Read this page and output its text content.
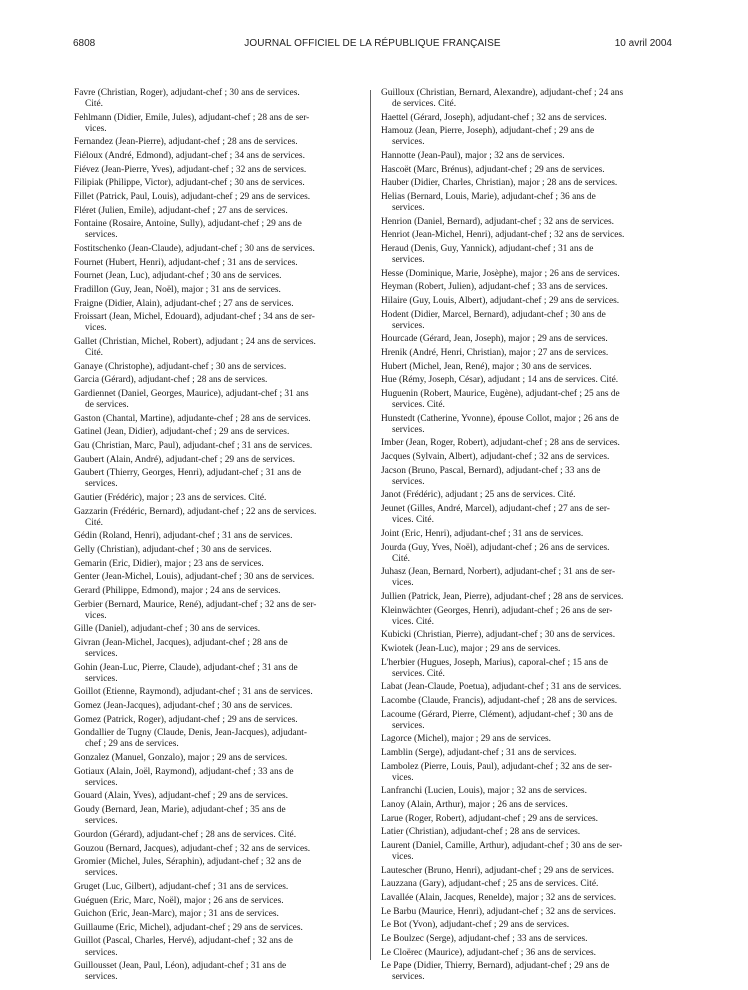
6808	JOURNAL OFFICIEL DE LA RÉPUBLIQUE FRANÇAISE	10 avril 2004
Favre (Christian, Roger), adjudant-chef ; 30 ans de services.
Cité.
Fehlmann (Didier, Emile, Jules), adjudant-chef ; 28 ans de ser-
vices.
Fernandez (Jean-Pierre), adjudant-chef ; 28 ans de services.
Fiéloux (André, Edmond), adjudant-chef ; 34 ans de services.
Fiévez (Jean-Pierre, Yves), adjudant-chef ; 32 ans de services.
Filipiak (Philippe, Victor), adjudant-chef ; 30 ans de services.
Fillet (Patrick, Paul, Louis), adjudant-chef ; 29 ans de services.
Fléret (Julien, Emile), adjudant-chef ; 27 ans de services.
Fontaine (Rosaire, Antoine, Sully), adjudant-chef ; 29 ans de
services.
Fostitschenko (Jean-Claude), adjudant-chef ; 30 ans de services.
Fournet (Hubert, Henri), adjudant-chef ; 31 ans de services.
Fournet (Jean, Luc), adjudant-chef ; 30 ans de services.
Fradillon (Guy, Jean, Noël), major ; 31 ans de services.
Fraigne (Didier, Alain), adjudant-chef ; 27 ans de services.
Froissart (Jean, Michel, Edouard), adjudant-chef ; 34 ans de ser-
vices.
Gallet (Christian, Michel, Robert), adjudant ; 24 ans de services.
Cité.
Ganaye (Christophe), adjudant-chef ; 30 ans de services.
Garcia (Gérard), adjudant-chef ; 28 ans de services.
Gardiennet (Daniel, Georges, Maurice), adjudant-chef ; 31 ans
de services.
Gaston (Chantal, Martine), adjudante-chef ; 28 ans de services.
Gatinel (Jean, Didier), adjudant-chef ; 29 ans de services.
Gau (Christian, Marc, Paul), adjudant-chef ; 31 ans de services.
Gaubert (Alain, André), adjudant-chef ; 29 ans de services.
Gaubert (Thierry, Georges, Henri), adjudant-chef ; 31 ans de
services.
Gautier (Frédéric), major ; 23 ans de services. Cité.
Gazzarin (Frédéric, Bernard), adjudant-chef ; 22 ans de services.
Cité.
Gédin (Roland, Henri), adjudant-chef ; 31 ans de services.
Gelly (Christian), adjudant-chef ; 30 ans de services.
Gemarin (Eric, Didier), major ; 23 ans de services.
Genter (Jean-Michel, Louis), adjudant-chef ; 30 ans de services.
Gerard (Philippe, Edmond), major ; 24 ans de services.
Gerbier (Bernard, Maurice, René), adjudant-chef ; 32 ans de ser-
vices.
Gille (Daniel), adjudant-chef ; 30 ans de services.
Givran (Jean-Michel, Jacques), adjudant-chef ; 28 ans de
services.
Gohin (Jean-Luc, Pierre, Claude), adjudant-chef ; 31 ans de
services.
Goillot (Etienne, Raymond), adjudant-chef ; 31 ans de services.
Gomez (Jean-Jacques), adjudant-chef ; 30 ans de services.
Gomez (Patrick, Roger), adjudant-chef ; 29 ans de services.
Gondallier de Tugny (Claude, Denis, Jean-Jacques), adjudant-
chef ; 29 ans de services.
Gonzalez (Manuel, Gonzalo), major ; 29 ans de services.
Gotiaux (Alain, Joël, Raymond), adjudant-chef ; 33 ans de
services.
Gouard (Alain, Yves), adjudant-chef ; 29 ans de services.
Goudy (Bernard, Jean, Marie), adjudant-chef ; 35 ans de
services.
Gourdon (Gérard), adjudant-chef ; 28 ans de services. Cité.
Gouzou (Bernard, Jacques), adjudant-chef ; 32 ans de services.
Gromier (Michel, Jules, Séraphin), adjudant-chef ; 32 ans de
services.
Gruget (Luc, Gilbert), adjudant-chef ; 31 ans de services.
Guéguen (Eric, Marc, Noël), major ; 26 ans de services.
Guichon (Eric, Jean-Marc), major ; 31 ans de services.
Guillaume (Eric, Michel), adjudant-chef ; 29 ans de services.
Guillot (Pascal, Charles, Hervé), adjudant-chef ; 32 ans de
services.
Guillousset (Jean, Paul, Léon), adjudant-chef ; 31 ans de
services.
Guilloux (Christian, Bernard, Alexandre), adjudant-chef ; 24 ans
de services. Cité.
Haettel (Gérard, Joseph), adjudant-chef ; 32 ans de services.
Hamouz (Jean, Pierre, Joseph), adjudant-chef ; 29 ans de
services.
Hannotte (Jean-Paul), major ; 32 ans de services.
Hascoët (Marc, Brénus), adjudant-chef ; 29 ans de services.
Hauber (Didier, Charles, Christian), major ; 28 ans de services.
Helias (Bernard, Louis, Marie), adjudant-chef ; 36 ans de
services.
Henrion (Daniel, Bernard), adjudant-chef ; 32 ans de services.
Henriot (Jean-Michel, Henri), adjudant-chef ; 32 ans de services.
Heraud (Denis, Guy, Yannick), adjudant-chef ; 31 ans de
services.
Hesse (Dominique, Marie, Josèphe), major ; 26 ans de services.
Heyman (Robert, Julien), adjudant-chef ; 33 ans de services.
Hilaire (Guy, Louis, Albert), adjudant-chef ; 29 ans de services.
Hodent (Didier, Marcel, Bernard), adjudant-chef ; 30 ans de
services.
Hourcade (Gérard, Jean, Joseph), major ; 29 ans de services.
Hrenik (André, Henri, Christian), major ; 27 ans de services.
Hubert (Michel, Jean, René), major ; 30 ans de services.
Hue (Rémy, Joseph, César), adjudant ; 14 ans de services. Cité.
Huguenin (Robert, Maurice, Eugène), adjudant-chef ; 25 ans de
services. Cité.
Hunstedt (Catherine, Yvonne), épouse Collot, major ; 26 ans de
services.
Imber (Jean, Roger, Robert), adjudant-chef ; 28 ans de services.
Jacques (Sylvain, Albert), adjudant-chef ; 32 ans de services.
Jacson (Bruno, Pascal, Bernard), adjudant-chef ; 33 ans de
services.
Janot (Frédéric), adjudant ; 25 ans de services. Cité.
Jeunet (Gilles, André, Marcel), adjudant-chef ; 27 ans de ser-
vices. Cité.
Joint (Eric, Henri), adjudant-chef ; 31 ans de services.
Jourda (Guy, Yves, Noël), adjudant-chef ; 26 ans de services.
Cité.
Juhasz (Jean, Bernard, Norbert), adjudant-chef ; 31 ans de ser-
vices.
Jullien (Patrick, Jean, Pierre), adjudant-chef ; 28 ans de services.
Kleinwächter (Georges, Henri), adjudant-chef ; 26 ans de ser-
vices. Cité.
Kubicki (Christian, Pierre), adjudant-chef ; 30 ans de services.
Kwiotek (Jean-Luc), major ; 29 ans de services.
L'herbier (Hugues, Joseph, Marius), caporal-chef ; 15 ans de
services. Cité.
Labat (Jean-Claude, Poetua), adjudant-chef ; 31 ans de services.
Lacombe (Claude, Francis), adjudant-chef ; 28 ans de services.
Lacoume (Gérard, Pierre, Clément), adjudant-chef ; 30 ans de
services.
Lagorce (Michel), major ; 29 ans de services.
Lamblin (Serge), adjudant-chef ; 31 ans de services.
Lambolez (Pierre, Louis, Paul), adjudant-chef ; 32 ans de ser-
vices.
Lanfranchi (Lucien, Louis), major ; 32 ans de services.
Lanoy (Alain, Arthur), major ; 26 ans de services.
Larue (Roger, Robert), adjudant-chef ; 29 ans de services.
Latier (Christian), adjudant-chef ; 28 ans de services.
Laurent (Daniel, Camille, Arthur), adjudant-chef ; 30 ans de ser-
vices.
Lautescher (Bruno, Henri), adjudant-chef ; 29 ans de services.
Lauzzana (Gary), adjudant-chef ; 25 ans de services. Cité.
Lavallée (Alain, Jacques, Renelde), major ; 32 ans de services.
Le Barbu (Maurice, Henri), adjudant-chef ; 32 ans de services.
Le Bot (Yvon), adjudant-chef ; 29 ans de services.
Le Boulzec (Serge), adjudant-chef ; 33 ans de services.
Le Cloërec (Maurice), adjudant-chef ; 36 ans de services.
Le Pape (Didier, Thierry, Bernard), adjudant-chef ; 29 ans de
services.
